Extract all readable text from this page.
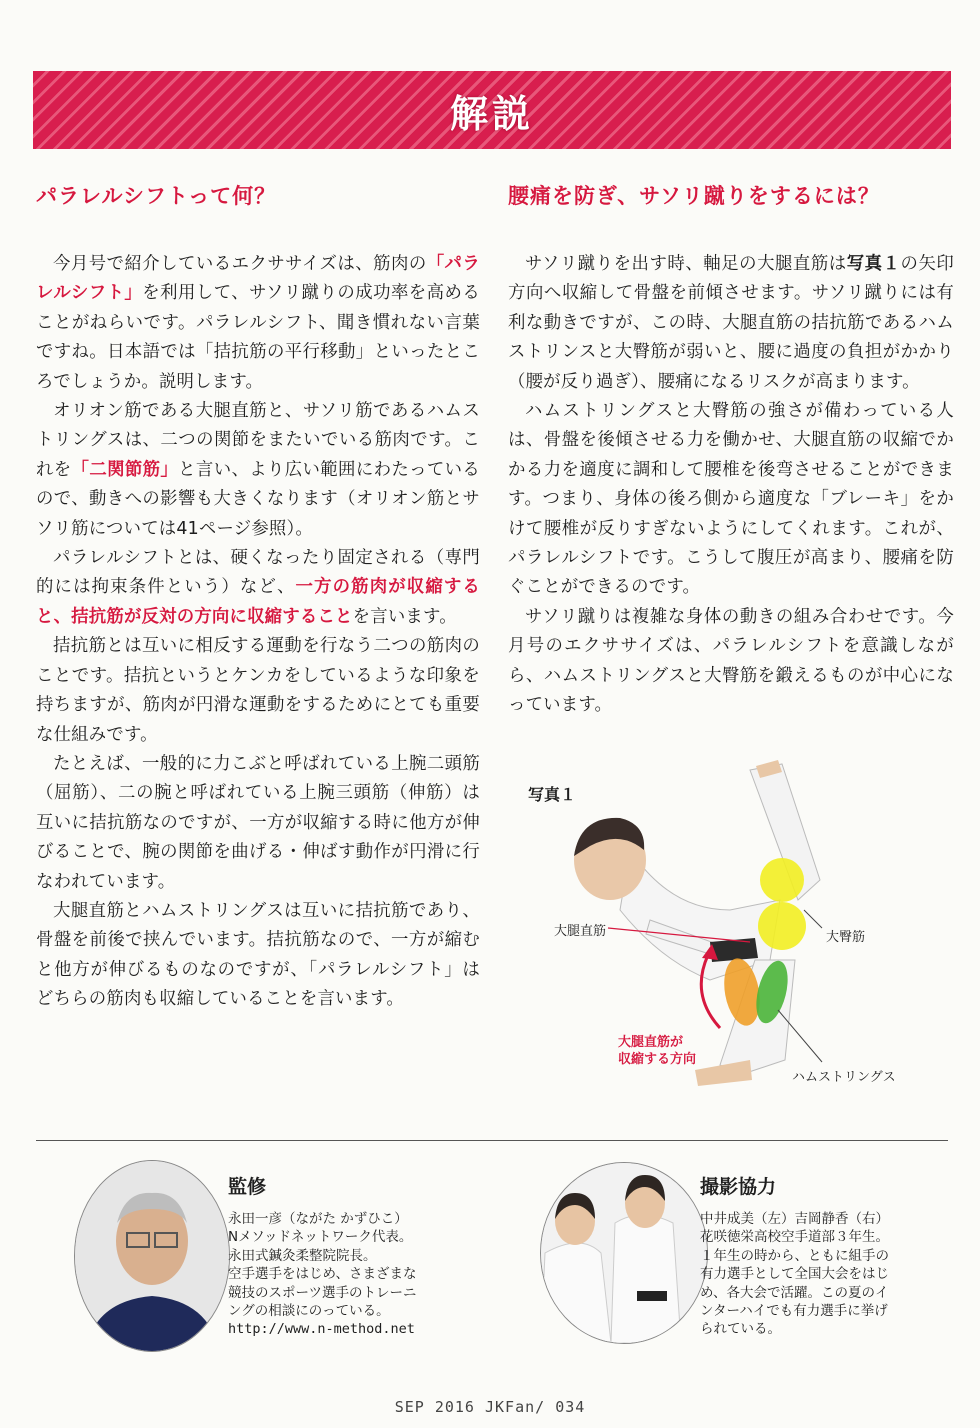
解説
パラレルシフトって何？

今月号で紹介しているエクササイズは、筋肉の「パラレルシフト」を利用して、サソリ蹴りの成功率を高めることがねらいです。パラレルシフト、聞き慣れない言葉ですね。日本語では「拮抗筋の平行移動」といったところでしょうか。説明します。

オリオン筋である大腿直筋と、サソリ筋であるハムストリングスは、二つの関節をまたいでいる筋肉です。これを「二関節筋」と言い、より広い範囲にわたっているので、動きへの影響も大きくなります（オリオン筋とサソリ筋については41ページ参照）。

パラレルシフトとは、硬くなったり固定される（専門的には拘束条件という）など、一方の筋肉が収縮すると、拮抗筋が反対の方向に収縮することを言います。

拮抗筋とは互いに相反する運動を行なう二つの筋肉のことです。拮抗というとケンカをしているような印象を持ちますが、筋肉が円滑な運動をするためにとても重要な仕組みです。

たとえば、一般的に力こぶと呼ばれている上腕二頭筋（屈筋）、二の腕と呼ばれている上腕三頭筋（伸筋）は互いに拮抗筋なのですが、一方が収縮する時に他方が伸びることで、腕の関節を曲げる・伸ばす動作が円滑に行なわれています。

大腿直筋とハムストリングスは互いに拮抗筋であり、骨盤を前後で挟んでいます。拮抗筋なので、一方が縮むと他方が伸びるものなのですが、「パラレルシフト」はどちらの筋肉も収縮していることを言います。

腰痛を防ぎ、サソリ蹴りをするには？

サソリ蹴りを出す時、軸足の大腿直筋は写真１の矢印方向へ収縮して骨盤を前傾させます。サソリ蹴りには有利な動きですが、この時、大腿直筋の拮抗筋であるハムストリンスと大臀筋が弱いと、腰に過度の負担がかかり（腰が反り過ぎ）、腰痛になるリスクが高まります。

ハムストリングスと大臀筋の強さが備わっている人は、骨盤を後傾させる力を働かせ、大腿直筋の収縮でかかる力を適度に調和して腰椎を後弯させることができます。つまり、身体の後ろ側から適度な「ブレーキ」をかけて腰椎が反りすぎないようにしてくれます。これが、パラレルシフトです。こうして腹圧が高まり、腰痛を防ぐことができるのです。

サソリ蹴りは複雑な身体の動きの組み合わせです。今月号のエクササイズは、パラレルシフトを意識しながら、ハムストリングスと大臀筋を鍛えるものが中心になっています。

写真１
大腿直筋	大臀筋
大腿直筋が
収縮する方向
ハムストリングス
監修
永田一彦（ながた かずひこ）
Nメソッドネットワーク代表。
永田式鍼灸柔整院院長。
空手選手をはじめ、さまざまな
競技のスポーツ選手のトレーニ
ングの相談にのっている。
http://www.n-method.net
撮影協力
中井成美（左）吉岡静香（右）
花咲徳栄高校空手道部３年生。
１年生の時から、ともに組手の
有力選手として全国大会をはじ
め、各大会で活躍。この夏のイ
ンターハイでも有力選手に挙げ
られている。
SEP 2016 JKFan/ 034
